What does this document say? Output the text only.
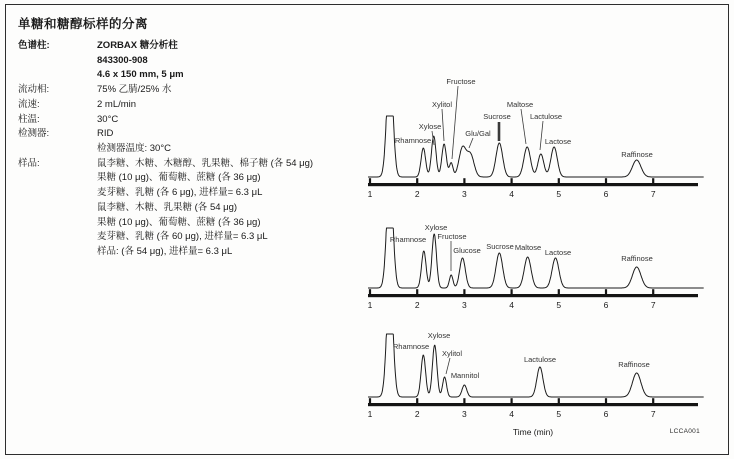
单糖和糖醇标样的分离
色谱柱:	ZORBAX 糖分析柱
843300-908
4.6 x 150 mm, 5 μm
流动相:	75% 乙腈/25% 水
流速:	2 mL/min
柱温:	30°C
检测器:	RID
检测器温度: 30°C
样品:	鼠李糖、木糖、木糖醇、乳果糖、棉子糖 (各 54 μg)
果糖 (10 μg)、葡萄糖、蔗糖 (各 36 μg)
麦芽糖、乳糖 (各 6 μg), 进样量= 6.3 μL
鼠李糖、木糖、乳果糖 (各 54 μg)
果糖 (10 μg)、葡萄糖、蔗糖 (各 36 μg)
麦芽糖、乳糖 (各 60 μg), 进样量= 6.3 μL
样品: (各 54 μg), 进样量= 6.3 μL
1	2	3	4	5	6	7
Rhamnose
Xylose
Xylitol
Fructose
Glu/Gal
Sucrose
Maltose
Lactulose
Lactose
Raffinose
1	2	3	4	5	6	7
Rhamnose
Xylose
Fructose
Glucose Sucrose Maltose
Lactose
Raffinose
1	2	3	4	5	6	7
Rhamnose
Xylose
Xylitol
Mannitol
Lactulose
Raffinose
Time (min)	LCCA001
